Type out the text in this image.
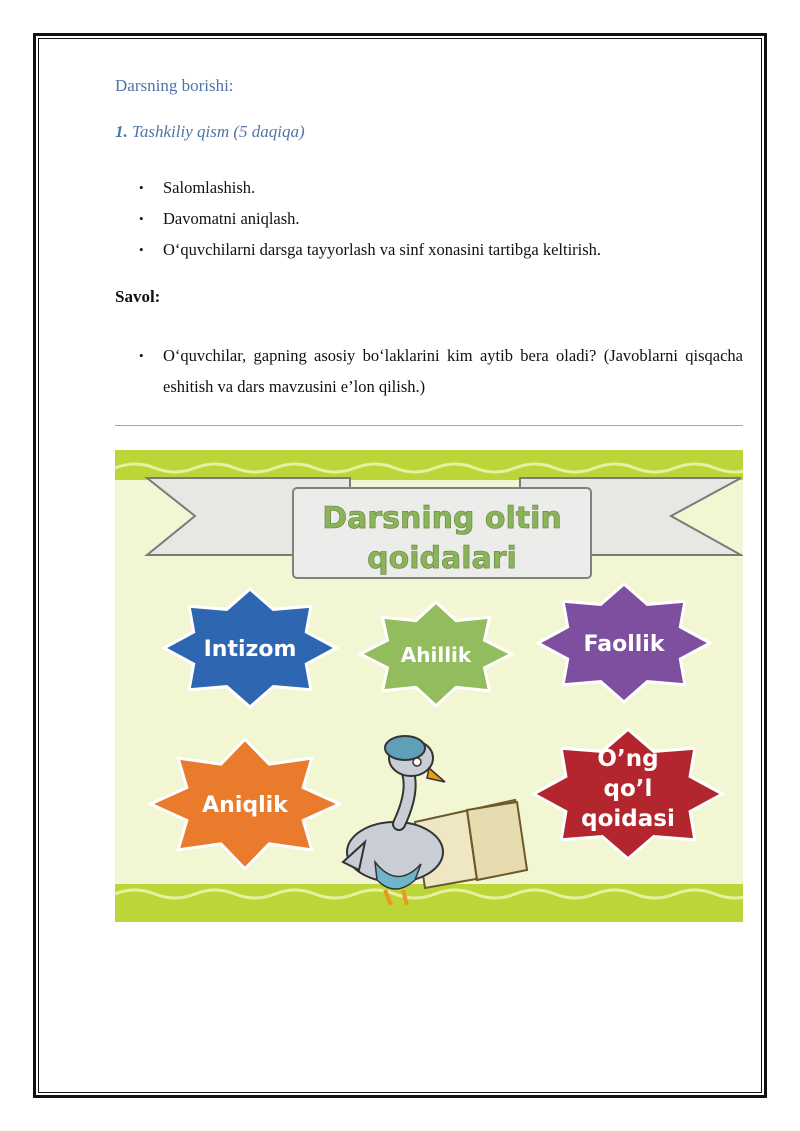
Darsning borishi:
1. Tashkiliy qism (5 daqiqa)
• Salomlashish.
• Davomatni aniqlash.
• O‘quvchilarni darsga tayyorlash va sinf xonasini tartibga keltirish.
Savol:
• O‘quvchilar, gapning asosiy bo‘laklarini kim aytib bera oladi? (Javoblarni qisqacha eshitish va dars mavzusini e’lon qilish.)
Darsning oltin
qoidalari
Intizom	Ahillik	Faollik
Aniqlik
O’ng
qo’l
qoidasi
